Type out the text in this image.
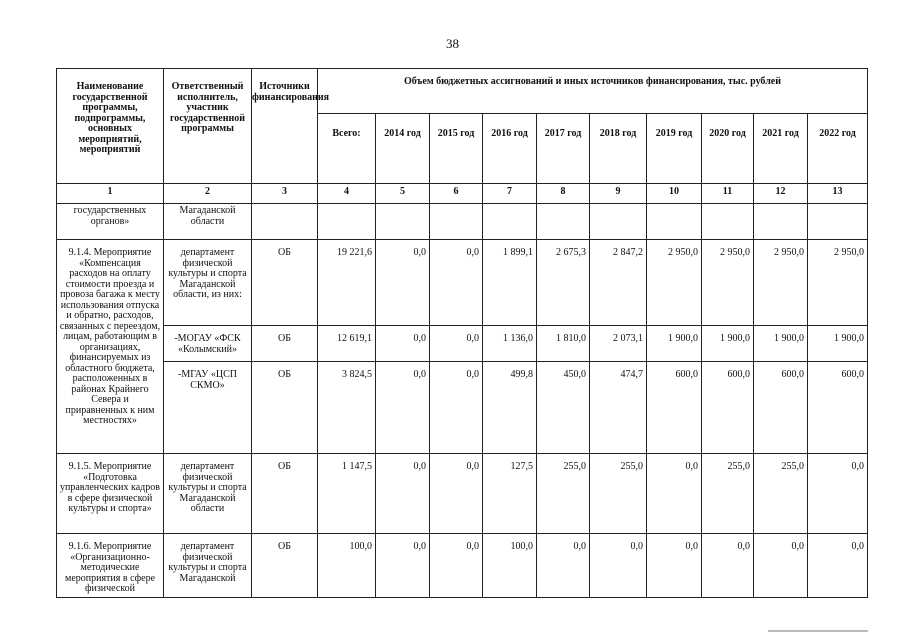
38
Наименование государственной программы, подпрограммы, основных мероприятий, мероприятий	Ответственный исполнитель, участник государственной программы	Источники финансирования	Объем бюджетных ассигнований и иных источников финансирования, тыс. рублей									
			Всего:	2014 год	2015 год	2016 год	2017 год	2018 год	2019 год	2020 год	2021 год	2022 год
1	2	3	4	5	6	7	8	9	10	11	12	13
государственных органов»	Магаданской области											
9.1.4. Мероприятие «Компенсация расходов на оплату стоимости проезда и провоза багажа к месту использования отпуска и обратно, расходов, связанных с переездом, лицам, работающим в организациях, финансируемых из областного бюджета, расположенных в районах Крайнего Севера и приравненных к ним местностях»	департамент физической культуры и спорта Магаданской области, из них:	ОБ	19 221,6	0,0	0,0	1 899,1	2 675,3	2 847,2	2 950,0	2 950,0	2 950,0	2 950,0
	-МОГАУ «ФСК «Колымский»	ОБ	12 619,1	0,0	0,0	1 136,0	1 810,0	2 073,1	1 900,0	1 900,0	1 900,0	1 900,0
	-МГАУ «ЦСП СКМО»	ОБ	3 824,5	0,0	0,0	499,8	450,0	474,7	600,0	600,0	600,0	600,0
9.1.5. Мероприятие «Подготовка управленческих кадров в сфере физической культуры и спорта»	департамент физической культуры и спорта Магаданской области	ОБ	1 147,5	0,0	0,0	127,5	255,0	255,0	0,0	255,0	255,0	0,0
9.1.6. Мероприятие «Организационно-методические мероприятия в сфере физической	департамент физической культуры и спорта Магаданской	ОБ	100,0	0,0	0,0	100,0	0,0	0,0	0,0	0,0	0,0	0,0
